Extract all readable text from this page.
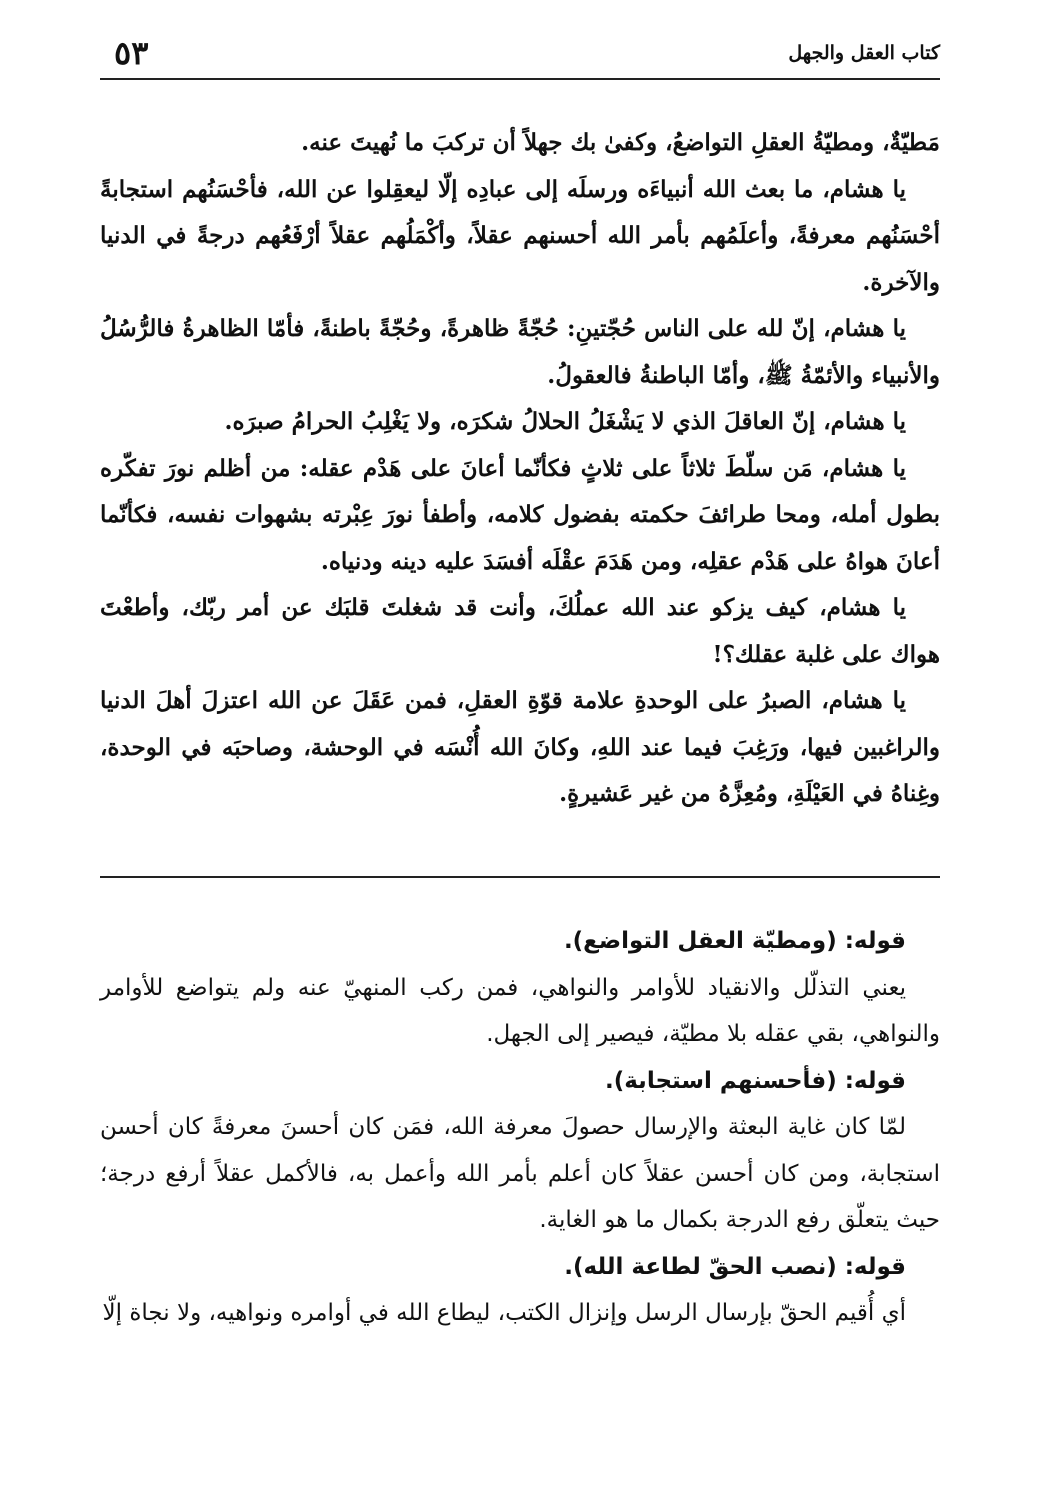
كتاب العقل والجهل
٥٣

مَطيّةٌ، ومطيّةُ العقلِ التواضعُ، وكفىٰ بك جهلاً أن تركبَ ما نُهيتَ عنه.

يا هشام، ما بعث الله أنبياءَه ورسلَه إلى عبادِه إلّا ليعقِلوا عن الله، فأحْسَنُهم استجابةً أحْسَنُهم معرفةً، وأعلَمُهم بأمر الله أحسنهم عقلاً، وأكْمَلُهم عقلاً أرْفَعُهم درجةً في الدنيا والآخرة.

يا هشام، إنّ لله على الناس حُجّتينِ: حُجّةً ظاهرةً، وحُجّةً باطنةً، فأمّا الظاهرةُ فالرُّسُلُ والأنبياء والأئمّةُ ﷺ، وأمّا الباطنةُ فالعقولُ.

يا هشام، إنّ العاقلَ الذي لا يَشْغَلُ الحلالُ شكرَه، ولا يَغْلِبُ الحرامُ صبرَه.

يا هشام، مَن سلّطَ ثلاثاً على ثلاثٍ فكأنّما أعانَ على هَدْم عقله: من أظلم نورَ تفكّره بطول أمله، ومحا طرائفَ حكمته بفضول كلامه، وأطفأ نورَ عِبْرته بشهوات نفسه، فكأنّما أعانَ هواهُ على هَدْم عقلِه، ومن هَدَمَ عقْلَه أفسَدَ عليه دينه ودنياه.

يا هشام، كيف يزكو عند الله عملُكَ، وأنت قد شغلتَ قلبَك عن أمر ربّك، وأطعْتَ هواك على غلبة عقلك؟!

يا هشام، الصبرُ على الوحدةِ علامة قوّةِ العقلِ، فمن عَقَلَ عن الله اعتزلَ أهلَ الدنيا والراغبين فيها، ورَغِبَ فيما عند اللهِ، وكانَ الله أُنْسَه في الوحشة، وصاحبَه في الوحدة، وغِناهُ في العَيْلَةِ، ومُعِزَّهُ من غير عَشيرةٍ.

قوله: (ومطيّة العقل التواضع).

يعني التذلّل والانقياد للأوامر والنواهي، فمن ركب المنهيّ عنه ولم يتواضع للأوامر والنواهي، بقي عقله بلا مطيّة، فيصير إلى الجهل.

قوله: (فأحسنهم استجابة).

لمّا كان غاية البعثة والإرسال حصولَ معرفة الله، فمَن كان أحسنَ معرفةً كان أحسن استجابة، ومن كان أحسن عقلاً كان أعلم بأمر الله وأعمل به، فالأكمل عقلاً أرفع درجة؛ حيث يتعلّق رفع الدرجة بكمال ما هو الغاية.

قوله: (نصب الحقّ لطاعة الله).

أي أُقيم الحقّ بإرسال الرسل وإنزال الكتب، ليطاع الله في أوامره ونواهيه، ولا نجاة إلّا
